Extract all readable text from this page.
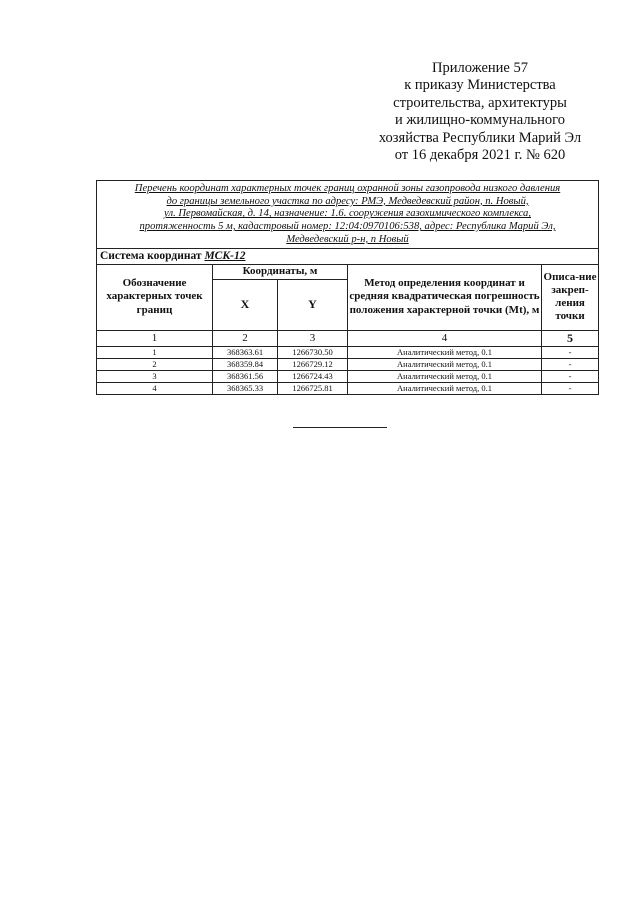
Приложение 57
к приказу Министерства
строительства, архитектуры
и жилищно-коммунального
хозяйства Республики Марий Эл
от 16 декабря 2021 г. № 620
Перечень координат характерных точек границ охранной зоны газопровода низкого давления
до границы земельного участка по адресу: РМЭ, Медведевский район, п. Новый,
ул. Первомайская, д. 14, назначение: 1.6. сооружения газохимического комплекса,
протяженность 5 м, кадастровый номер: 12:04:0970106:538, адрес: Республика Марий Эл,
Медведевский р-н, п Новый				

Система координат МСК-12				
Обозначение характерных точек границ	Координаты, м		Метод определения координат и средняя квадратическая погрешность положения характерной точки (Mt), м	Описа-ние закреп-ления точки
	X	Y		
1	2	3	4	5
1	368363.61	1266730.50	Аналитический метод, 0.1	-
2	368359.84	1266729.12	Аналитический метод, 0.1	-
3	368361.56	1266724.43	Аналитический метод, 0.1	-
4	368365.33	1266725.81	Аналитический метод, 0.1	-
